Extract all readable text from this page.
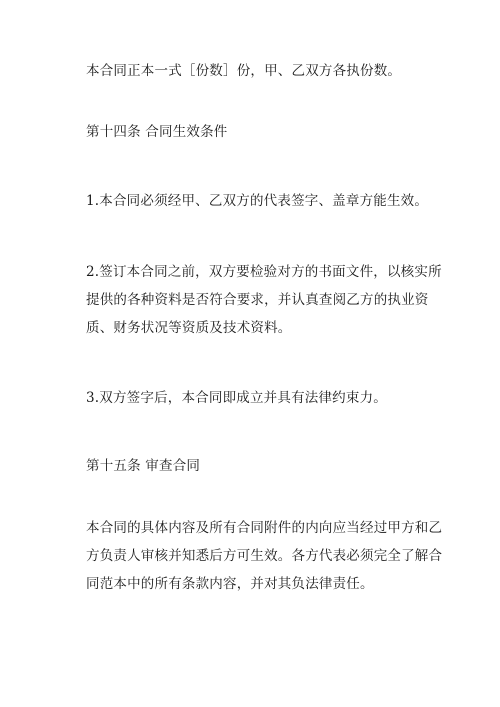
本合同正本一式［份数］份，甲、乙双方各执份数。

第十四条 合同生效条件

1.本合同必须经甲、乙双方的代表签字、盖章方能生效。

2.签订本合同之前，双方要检验对方的书面文件，以核实所提供的各种资料是否符合要求，并认真查阅乙方的执业资质、财务状况等资质及技术资料。

3.双方签字后，本合同即成立并具有法律约束力。

第十五条 审查合同

本合同的具体内容及所有合同附件的内向应当经过甲方和乙方负责人审核并知悉后方可生效。各方代表必须完全了解合同范本中的所有条款内容，并对其负法律责任。
